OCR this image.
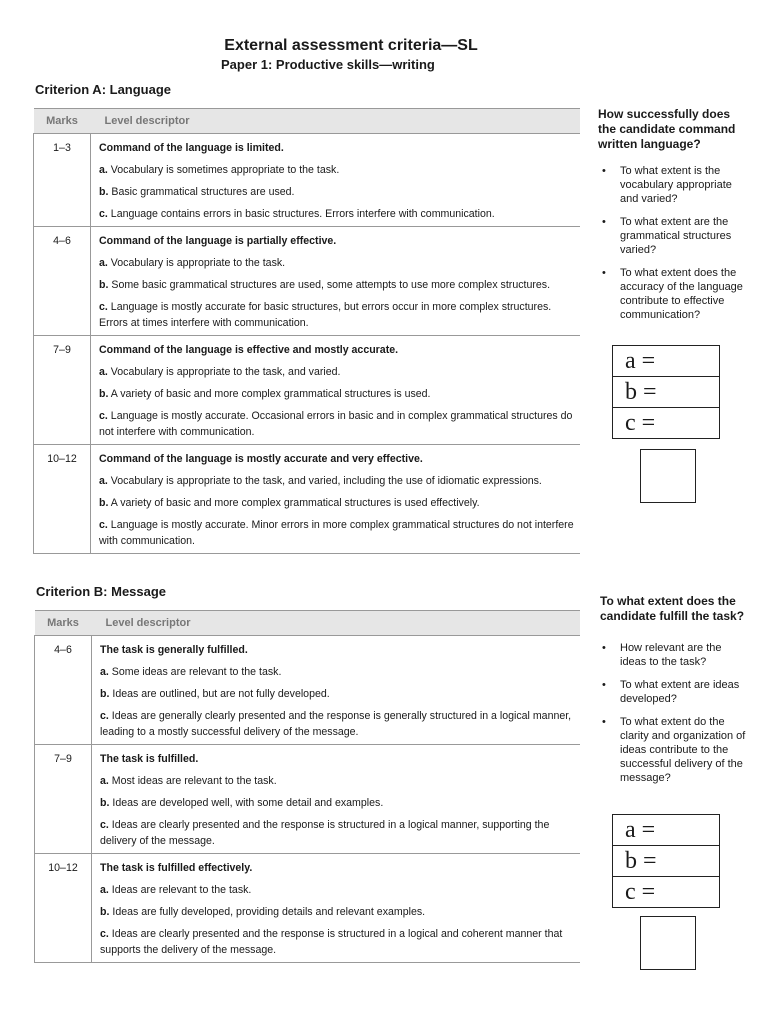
External assessment criteria—SL
Paper 1: Productive skills—writing
Criterion A: Language
Marks	Level descriptor
1–3	Command of the language is limited.
a. Vocabulary is sometimes appropriate to the task.
b. Basic grammatical structures are used.
c. Language contains errors in basic structures. Errors interfere with communication.

4–6	Command of the language is partially effective.
a. Vocabulary is appropriate to the task.
b. Some basic grammatical structures are used, some attempts to use more complex structures.
c. Language is mostly accurate for basic structures, but errors occur in more complex structures. Errors at times interfere with communication.

7–9	Command of the language is effective and mostly accurate.
a. Vocabulary is appropriate to the task, and varied.
b. A variety of basic and more complex grammatical structures is used.
c. Language is mostly accurate. Occasional errors in basic and in complex grammatical structures do not interfere with communication.

10–12	Command of the language is mostly accurate and very effective.
a. Vocabulary is appropriate to the task, and varied, including the use of idiomatic expressions.
b. A variety of basic and more complex grammatical structures is used effectively.
c. Language is mostly accurate. Minor errors in more complex grammatical structures do not interfere with communication.
How successfully does the candidate command written language?
• To what extent is the vocabulary appropriate and varied?
• To what extent are the grammatical structures varied?
• To what extent does the accuracy of the language contribute to effective communication?
a =
b =
c =
Criterion B: Message
Marks	Level descriptor
4–6	The task is generally fulfilled.
a. Some ideas are relevant to the task.
b. Ideas are outlined, but are not fully developed.
c. Ideas are generally clearly presented and the response is generally structured in a logical manner, leading to a mostly successful delivery of the message.

7–9	The task is fulfilled.
a. Most ideas are relevant to the task.
b. Ideas are developed well, with some detail and examples.
c. Ideas are clearly presented and the response is structured in a logical manner, supporting the delivery of the message.

10–12	The task is fulfilled effectively.
a. Ideas are relevant to the task.
b. Ideas are fully developed, providing details and relevant examples.
c. Ideas are clearly presented and the response is structured in a logical and coherent manner that supports the delivery of the message.
To what extent does the candidate fulfill the task?
• How relevant are the ideas to the task?
• To what extent are ideas developed?
• To what extent do the clarity and organization of ideas contribute to the successful delivery of the message?
a =
b =
c =
